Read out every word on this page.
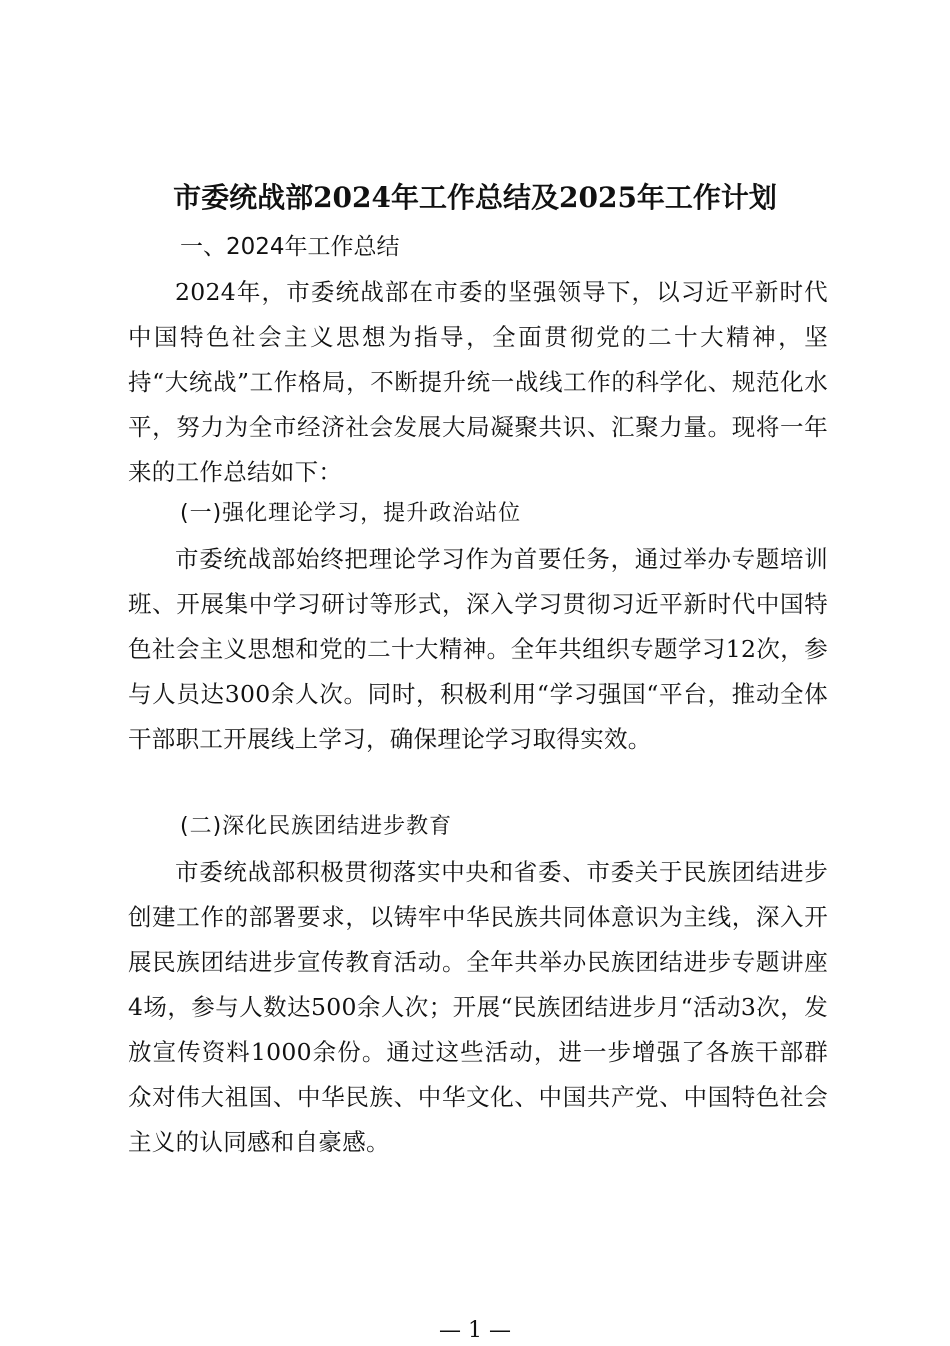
市委统战部2024年工作总结及2025年工作计划

一、2024年工作总结

2024年，市委统战部在市委的坚强领导下，以习近平新时代中国特色社会主义思想为指导，全面贯彻党的二十大精神，坚持“大统战”工作格局，不断提升统一战线工作的科学化、规范化水平，努力为全市经济社会发展大局凝聚共识、汇聚力量。现将一年来的工作总结如下：

(一)强化理论学习，提升政治站位

市委统战部始终把理论学习作为首要任务，通过举办专题培训班、开展集中学习研讨等形式，深入学习贯彻习近平新时代中国特色社会主义思想和党的二十大精神。全年共组织专题学习12次，参与人员达300余人次。同时，积极利用“学习强国“平台，推动全体干部职工开展线上学习，确保理论学习取得实效。

(二)深化民族团结进步教育

市委统战部积极贯彻落实中央和省委、市委关于民族团结进步创建工作的部署要求，以铸牢中华民族共同体意识为主线，深入开展民族团结进步宣传教育活动。全年共举办民族团结进步专题讲座4场，参与人数达500余人次；开展“民族团结进步月“活动3次，发放宣传资料1000余份。通过这些活动，进一步增强了各族干部群众对伟大祖国、中华民族、中华文化、中国共产党、中国特色社会主义的认同感和自豪感。

— 1 —
